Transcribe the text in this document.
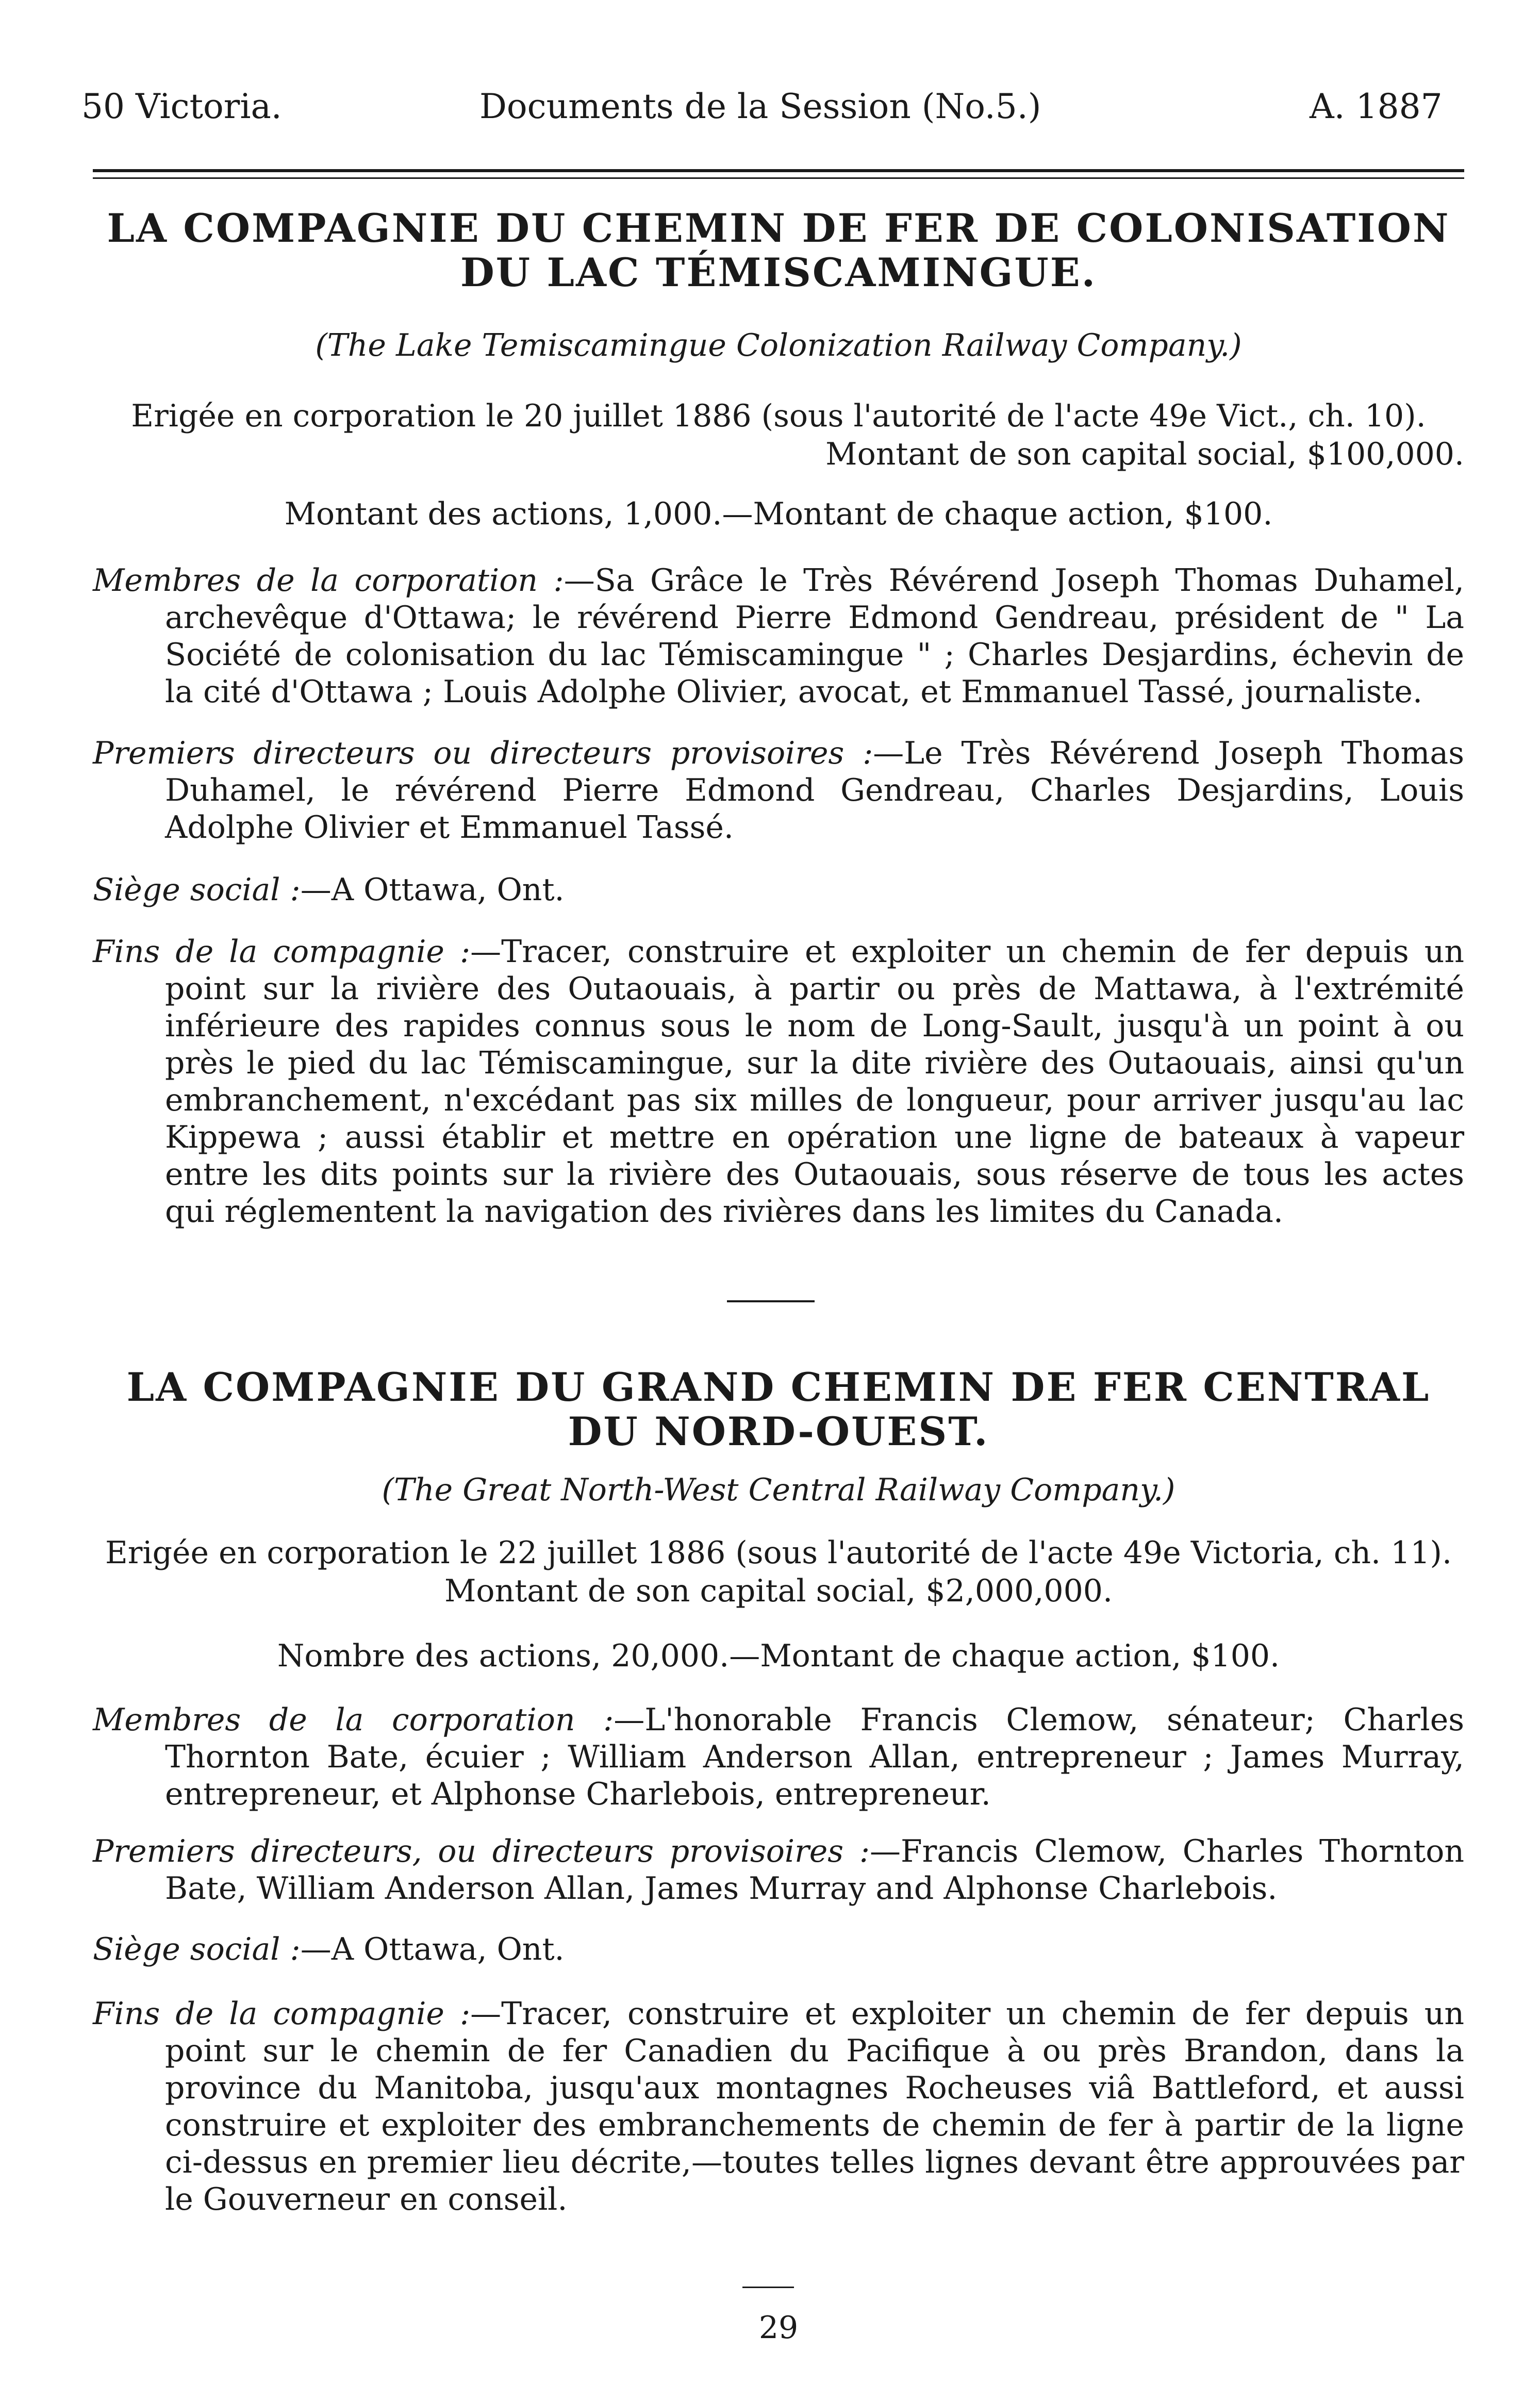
50 Victoria.	Documents de la Session (No.5.)	A. 1887
LA COMPAGNIE DU CHEMIN DE FER DE COLONISATION
DU LAC TÉMISCAMINGUE.
(The Lake Temiscamingue Colonization Railway Company.)
Erigée en corporation le 20 juillet 1886 (sous l'autorité de l'acte 49e Vict., ch. 10).
Montant de son capital social, $100,000.
Montant des actions, 1,000.—Montant de chaque action, $100.
Membres de la corporation :—Sa Grâce le Très Révérend Joseph Thomas Duhamel, archevêque d'Ottawa; le révérend Pierre Edmond Gendreau, président de " La Société de colonisation du lac Témiscamingue " ; Charles Desjardins, échevin de la cité d'Ottawa ; Louis Adolphe Olivier, avocat, et Emmanuel Tassé, journaliste.
Premiers directeurs ou directeurs provisoires :—Le Très Révérend Joseph Thomas Duhamel, le révérend Pierre Edmond Gendreau, Charles Desjardins, Louis Adolphe Olivier et Emmanuel Tassé.
Siège social :—A Ottawa, Ont.
Fins de la compagnie :—Tracer, construire et exploiter un chemin de fer depuis un point sur la rivière des Outaouais, à partir ou près de Mattawa, à l'extrémité inférieure des rapides connus sous le nom de Long-Sault, jusqu'à un point à ou près le pied du lac Témiscamingue, sur la dite rivière des Outaouais, ainsi qu'un embranchement, n'excédant pas six milles de longueur, pour arriver jusqu'au lac Kippewa ; aussi établir et mettre en opération une ligne de bateaux à vapeur entre les dits points sur la rivière des Outaouais, sous réserve de tous les actes qui réglementent la navigation des rivières dans les limites du Canada.
LA COMPAGNIE DU GRAND CHEMIN DE FER CENTRAL
DU NORD-OUEST.
(The Great North-West Central Railway Company.)
Erigée en corporation le 22 juillet 1886 (sous l'autorité de l'acte 49e Victoria, ch. 11).
Montant de son capital social, $2,000,000.
Nombre des actions, 20,000.—Montant de chaque action, $100.
Membres de la corporation :—L'honorable Francis Clemow, sénateur; Charles Thornton Bate, écuier ; William Anderson Allan, entrepreneur ; James Murray, entrepreneur, et Alphonse Charlebois, entrepreneur.
Premiers directeurs, ou directeurs provisoires :—Francis Clemow, Charles Thornton Bate, William Anderson Allan, James Murray and Alphonse Charlebois.
Siège social :—A Ottawa, Ont.
Fins de la compagnie :—Tracer, construire et exploiter un chemin de fer depuis un point sur le chemin de fer Canadien du Pacifique à ou près Brandon, dans la province du Manitoba, jusqu'aux montagnes Rocheuses viâ Battleford, et aussi construire et exploiter des embranchements de chemin de fer à partir de la ligne ci-dessus en premier lieu décrite,—toutes telles lignes devant être approuvées par le Gouverneur en conseil.
29
